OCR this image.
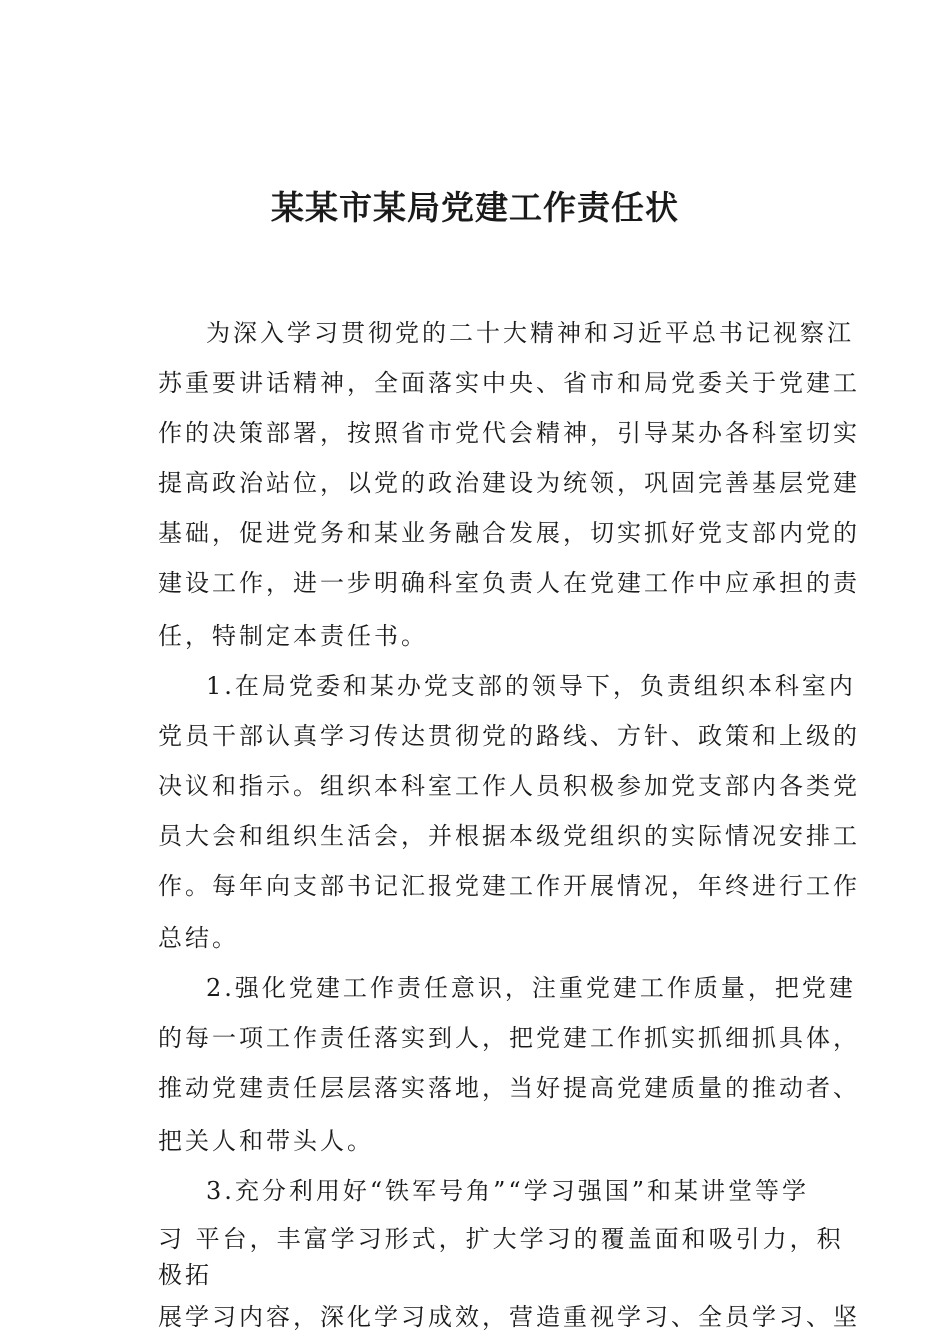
某某市某局党建工作责任状
为深入学习贯彻党的二十大精神和习近平总书记视察江
苏重要讲话精神，全面落实中央、省市和局党委关于党建工
作的决策部署，按照省市党代会精神，引导某办各科室切实
提高政治站位，以党的政治建设为统领，巩固完善基层党建
基础，促进党务和某业务融合发展，切实抓好党支部内党的
建设工作，进一步明确科室负责人在党建工作中应承担的责
任，特制定本责任书。
1.在局党委和某办党支部的领导下，负责组织本科室内
党员干部认真学习传达贯彻党的路线、方针、政策和上级的
决议和指示。组织本科室工作人员积极参加党支部内各类党
员大会和组织生活会，并根据本级党组织的实际情况安排工
作。每年向支部书记汇报党建工作开展情况，年终进行工作
总结。
2.强化党建工作责任意识，注重党建工作质量，把党建
的每一项工作责任落实到人，把党建工作抓实抓细抓具体，
推动党建责任层层落实落地，当好提高党建质量的推动者、
把关人和带头人。
3.充分利用好“铁军号角”“学习强国”和某讲堂等学
习 平台，丰富学习形式，扩大学习的覆盖面和吸引力，积
极拓
展学习内容，深化学习成效，营造重视学习、全员学习、坚
